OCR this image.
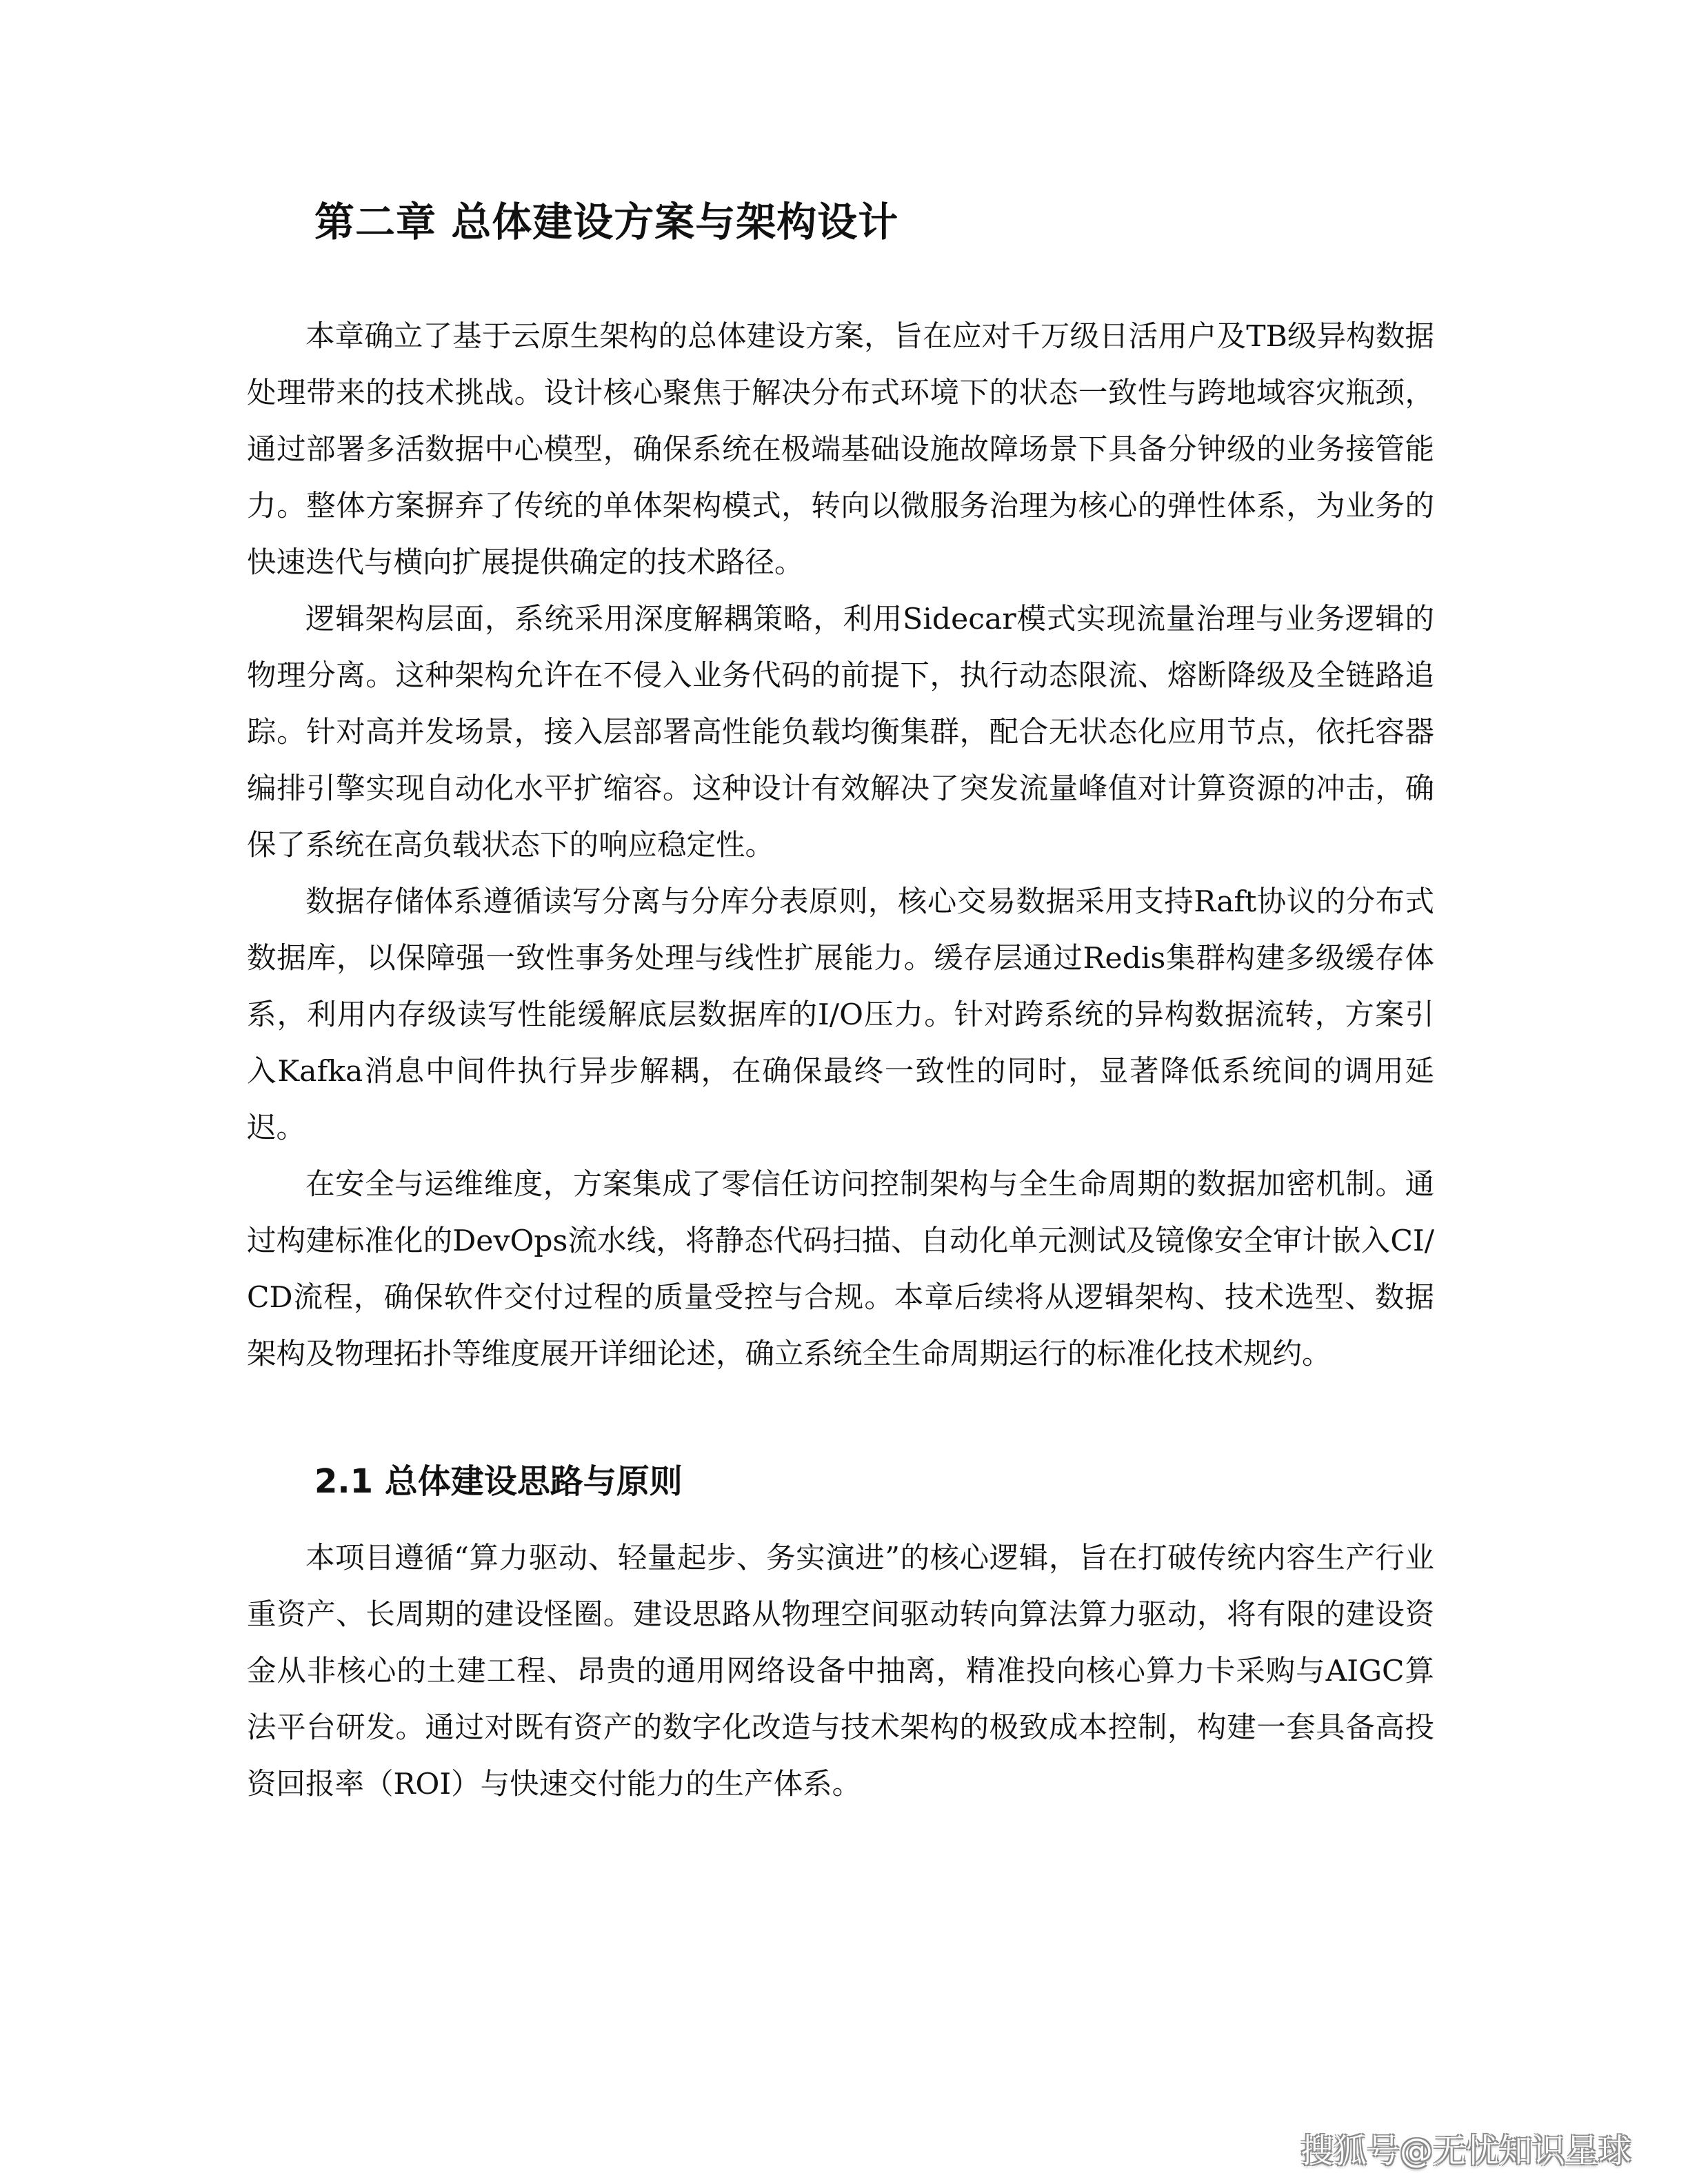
第二章 总体建设方案与架构设计

本章确立了基于云原生架构的总体建设方案，旨在应对千万级日活用户及TB级异构数据处理带来的技术挑战。设计核心聚焦于解决分布式环境下的状态一致性与跨地域容灾瓶颈，通过部署多活数据中心模型，确保系统在极端基础设施故障场景下具备分钟级的业务接管能力。整体方案摒弃了传统的单体架构模式，转向以微服务治理为核心的弹性体系，为业务的快速迭代与横向扩展提供确定的技术路径。

逻辑架构层面，系统采用深度解耦策略，利用Sidecar模式实现流量治理与业务逻辑的物理分离。这种架构允许在不侵入业务代码的前提下，执行动态限流、熔断降级及全链路追踪。针对高并发场景，接入层部署高性能负载均衡集群，配合无状态化应用节点，依托容器编排引擎实现自动化水平扩缩容。这种设计有效解决了突发流量峰值对计算资源的冲击，确保了系统在高负载状态下的响应稳定性。

数据存储体系遵循读写分离与分库分表原则，核心交易数据采用支持Raft协议的分布式数据库，以保障强一致性事务处理与线性扩展能力。缓存层通过Redis集群构建多级缓存体系，利用内存级读写性能缓解底层数据库的I/O压力。针对跨系统的异构数据流转，方案引入Kafka消息中间件执行异步解耦，在确保最终一致性的同时，显著降低系统间的调用延迟。

在安全与运维维度，方案集成了零信任访问控制架构与全生命周期的数据加密机制。通过构建标准化的DevOps流水线，将静态代码扫描、自动化单元测试及镜像安全审计嵌入CI/CD流程，确保软件交付过程的质量受控与合规。本章后续将从逻辑架构、技术选型、数据架构及物理拓扑等维度展开详细论述，确立系统全生命周期运行的标准化技术规约。

2.1 总体建设思路与原则

本项目遵循“算力驱动、轻量起步、务实演进”的核心逻辑，旨在打破传统内容生产行业重资产、长周期的建设怪圈。建设思路从物理空间驱动转向算法算力驱动，将有限的建设资金从非核心的土建工程、昂贵的通用网络设备中抽离，精准投向核心算力卡采购与AIGC算法平台研发。通过对既有资产的数字化改造与技术架构的极致成本控制，构建一套具备高投资回报率（ROI）与快速交付能力的生产体系。

搜狐号@无忧知识星球
